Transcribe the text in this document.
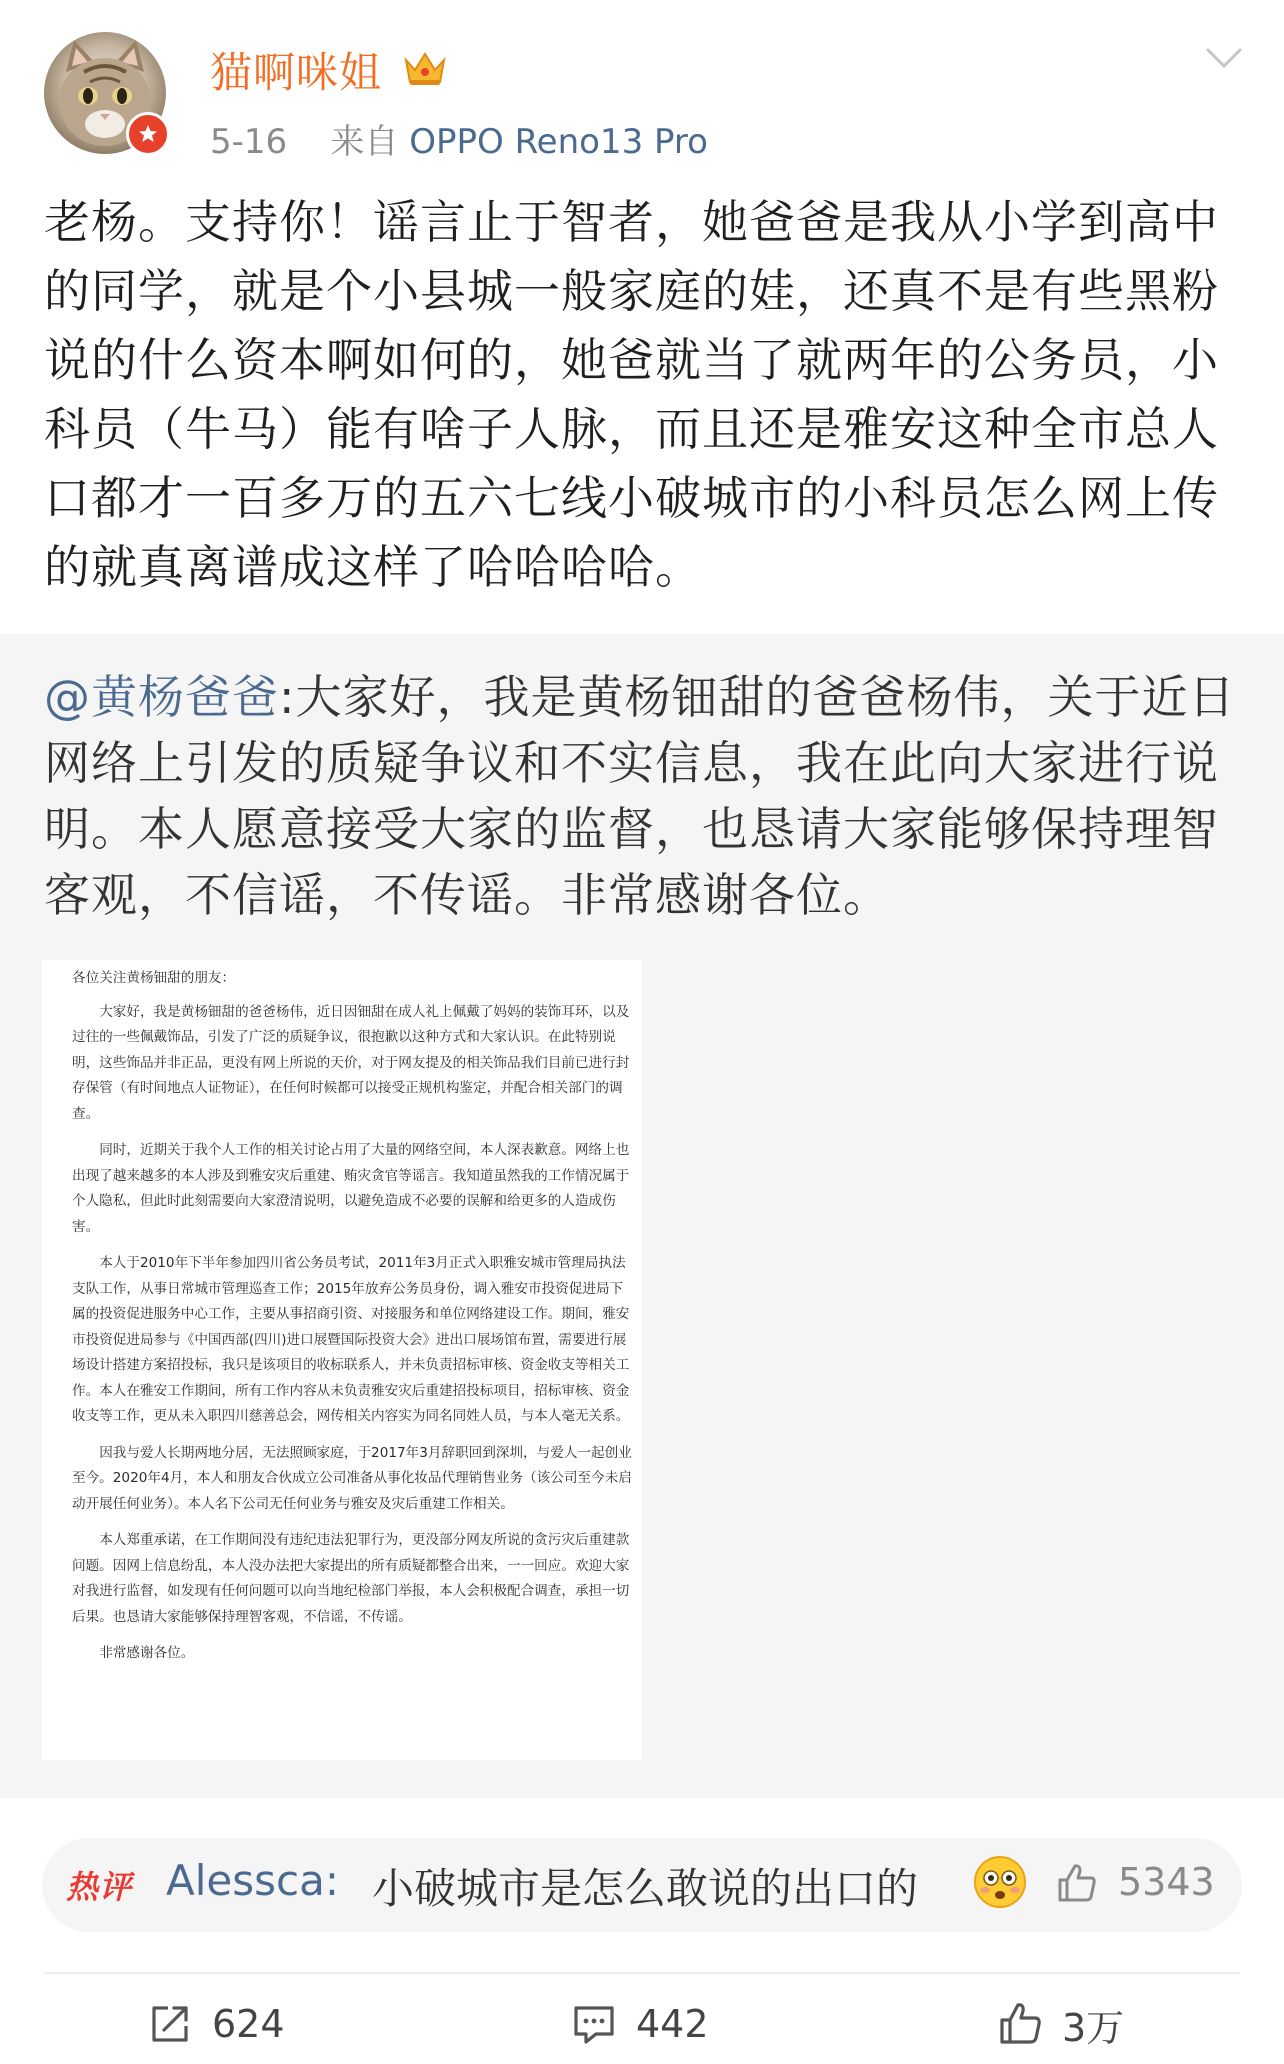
猫啊咪姐
5-16 来自 OPPO Reno13 Pro

老杨。支持你！谣言止于智者，她爸爸是我从小学到高中的同学，就是个小县城一般家庭的娃，还真不是有些黑粉说的什么资本啊如何的，她爸就当了就两年的公务员，小科员（牛马）能有啥子人脉，而且还是雅安这种全市总人口都才一百多万的五六七线小破城市的小科员怎么网上传的就真离谱成这样了哈哈哈哈。

@黄杨爸爸:大家好，我是黄杨钿甜的爸爸杨伟，关于近日网络上引发的质疑争议和不实信息，我在此向大家进行说明。本人愿意接受大家的监督，也恳请大家能够保持理智客观，不信谣，不传谣。非常感谢各位。

各位关注黄杨钿甜的朋友：

大家好，我是黄杨钿甜的爸爸杨伟，近日因钿甜在成人礼上佩戴了妈妈的装饰耳环，以及过往的一些佩戴饰品，引发了广泛的质疑争议，很抱歉以这种方式和大家认识。在此特别说明，这些饰品并非正品，更没有网上所说的天价，对于网友提及的相关饰品我们目前已进行封存保管（有时间地点人证物证），在任何时候都可以接受正规机构鉴定，并配合相关部门的调查。

同时，近期关于我个人工作的相关讨论占用了大量的网络空间，本人深表歉意。网络上也出现了越来越多的本人涉及到雅安灾后重建、贿灾贪官等谣言。我知道虽然我的工作情况属于个人隐私，但此时此刻需要向大家澄清说明，以避免造成不必要的误解和给更多的人造成伤害。

本人于2010年下半年参加四川省公务员考试，2011年3月正式入职雅安城市管理局执法支队工作，从事日常城市管理巡查工作；2015年放弃公务员身份，调入雅安市投资促进局下属的投资促进服务中心工作，主要从事招商引资、对接服务和单位网络建设工作。期间，雅安市投资促进局参与《中国西部(四川)进口展暨国际投资大会》进出口展场馆布置，需要进行展场设计搭建方案招投标，我只是该项目的收标联系人，并未负责招标审核、资金收支等相关工作。本人在雅安工作期间，所有工作内容从未负责雅安灾后重建招投标项目，招标审核、资金收支等工作，更从未入职四川慈善总会，网传相关内容实为同名同姓人员，与本人毫无关系。

因我与爱人长期两地分居，无法照顾家庭，于2017年3月辞职回到深圳，与爱人一起创业至今。2020年4月，本人和朋友合伙成立公司准备从事化妆品代理销售业务（该公司至今未启动开展任何业务）。本人名下公司无任何业务与雅安及灾后重建工作相关。

本人郑重承诺，在工作期间没有违纪违法犯罪行为，更没部分网友所说的贪污灾后重建款问题。因网上信息纷乱，本人没办法把大家提出的所有质疑都整合出来，一一回应。欢迎大家对我进行监督，如发现有任何问题可以向当地纪检部门举报，本人会积极配合调查，承担一切后果。也恳请大家能够保持理智客观，不信谣，不传谣。

非常感谢各位。

热评 Alessca: 小破城市是怎么敢说的出口的	5343
624	442	3万
